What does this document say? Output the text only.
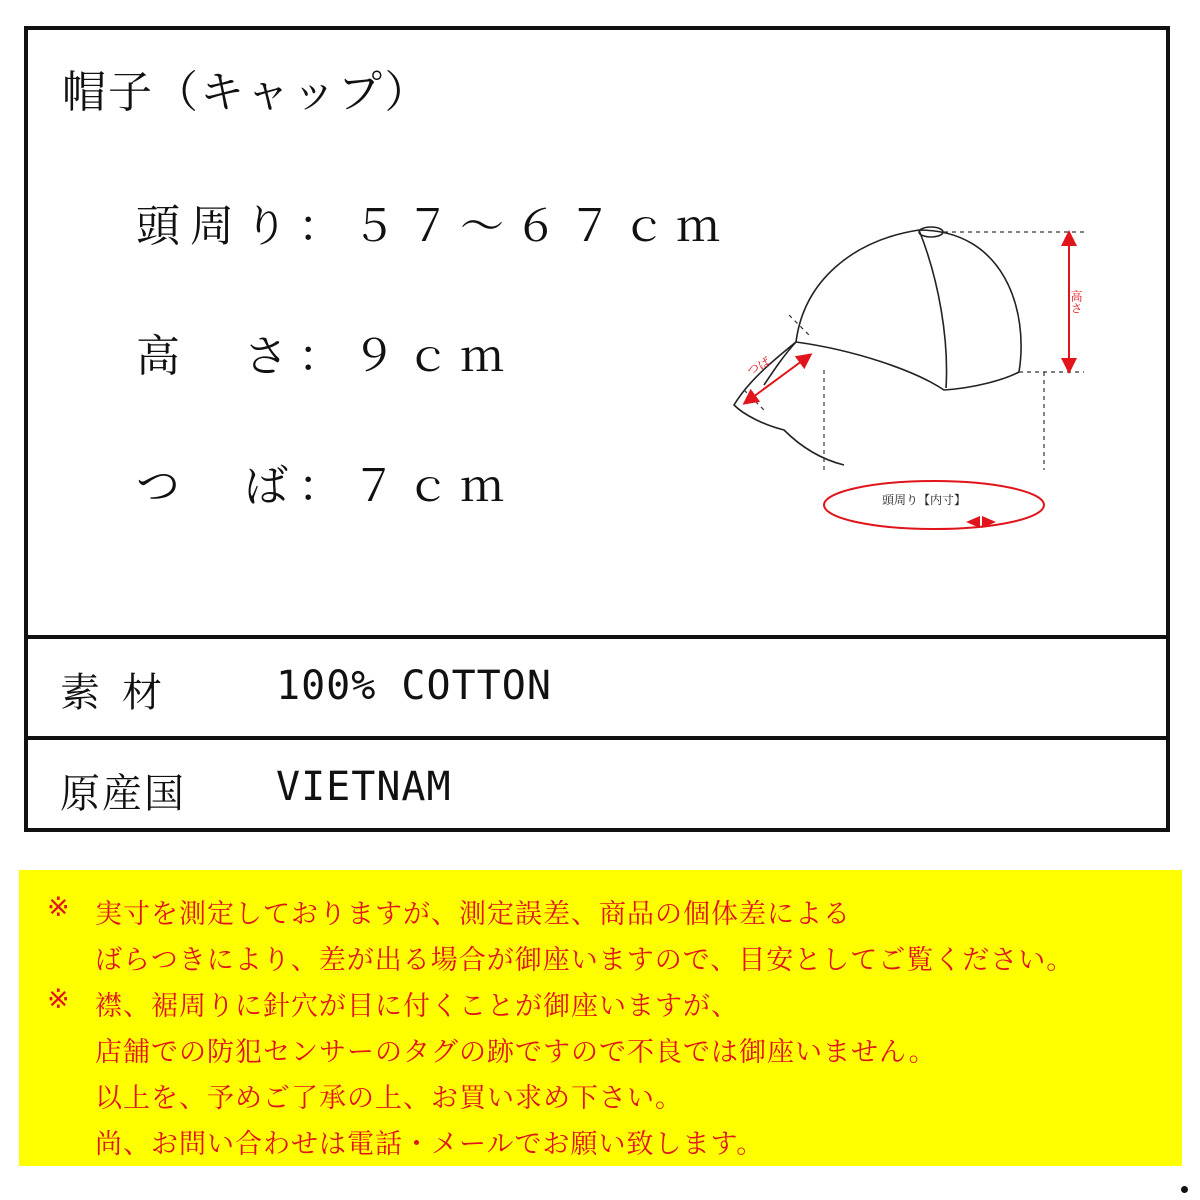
帽子（キャップ）
頭周り：５７～６７ｃｍ
高　さ：９ｃｍ
つ　ば：７ｃｍ
高さ
つば
頭周り【内寸】
素材 100% COTTON
原産国 VIETNAM
※ 実寸を測定しておりますが、測定誤差、商品の個体差による
ばらつきにより、差が出る場合が御座いますので、目安としてご覧ください。
※ 襟、裾周りに針穴が目に付くことが御座いますが、
店舗での防犯センサーのタグの跡ですので不良では御座いません。
以上を、予めご了承の上、お買い求め下さい。
尚、お問い合わせは電話・メールでお願い致します。
